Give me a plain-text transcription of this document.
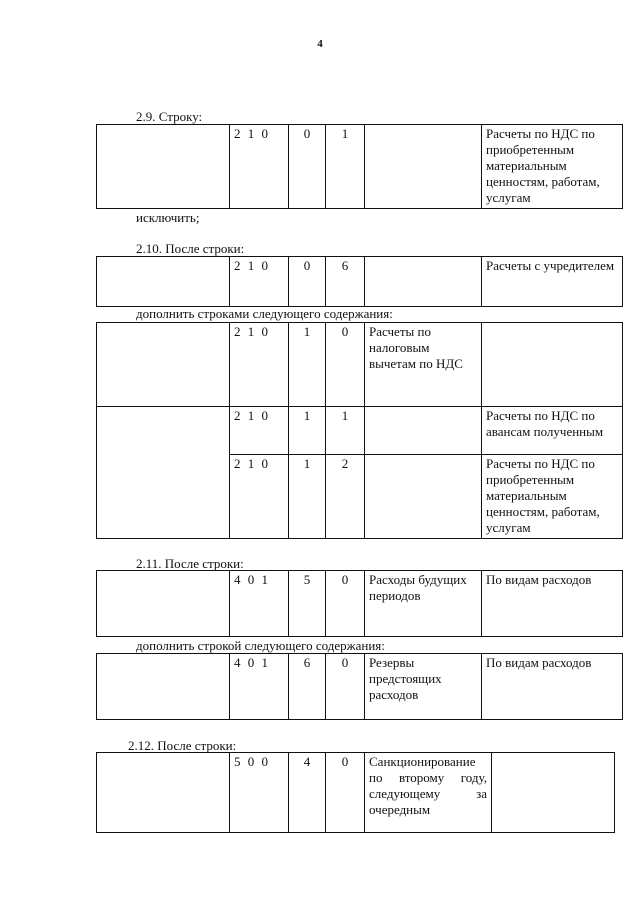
4
2.9. Строку:
	2 1 0	0	1		Расчеты по НДС по приобретенным материальным ценностям, работам, услугам
исключить;
2.10. После строки:
	2 1 0	0	6		Расчеты с учредителем
дополнить строками следующего содержания:
	2 1 0	1	0	Расчеты по налоговым вычетам по НДС	
	2 1 0	1	1		Расчеты по НДС по авансам полученным
	2 1 0	1	2		Расчеты по НДС по приобретенным материальным ценностям, работам, услугам
2.11. После строки:
	4 0 1	5	0	Расходы будущих периодов	По видам расходов
дополнить строкой следующего содержания:
	4 0 1	6	0	Резервы предстоящих расходов	По видам расходов
2.12. После строки:
	5 0 0	4	0	Санкционирование по второму году, следующему за очередным
